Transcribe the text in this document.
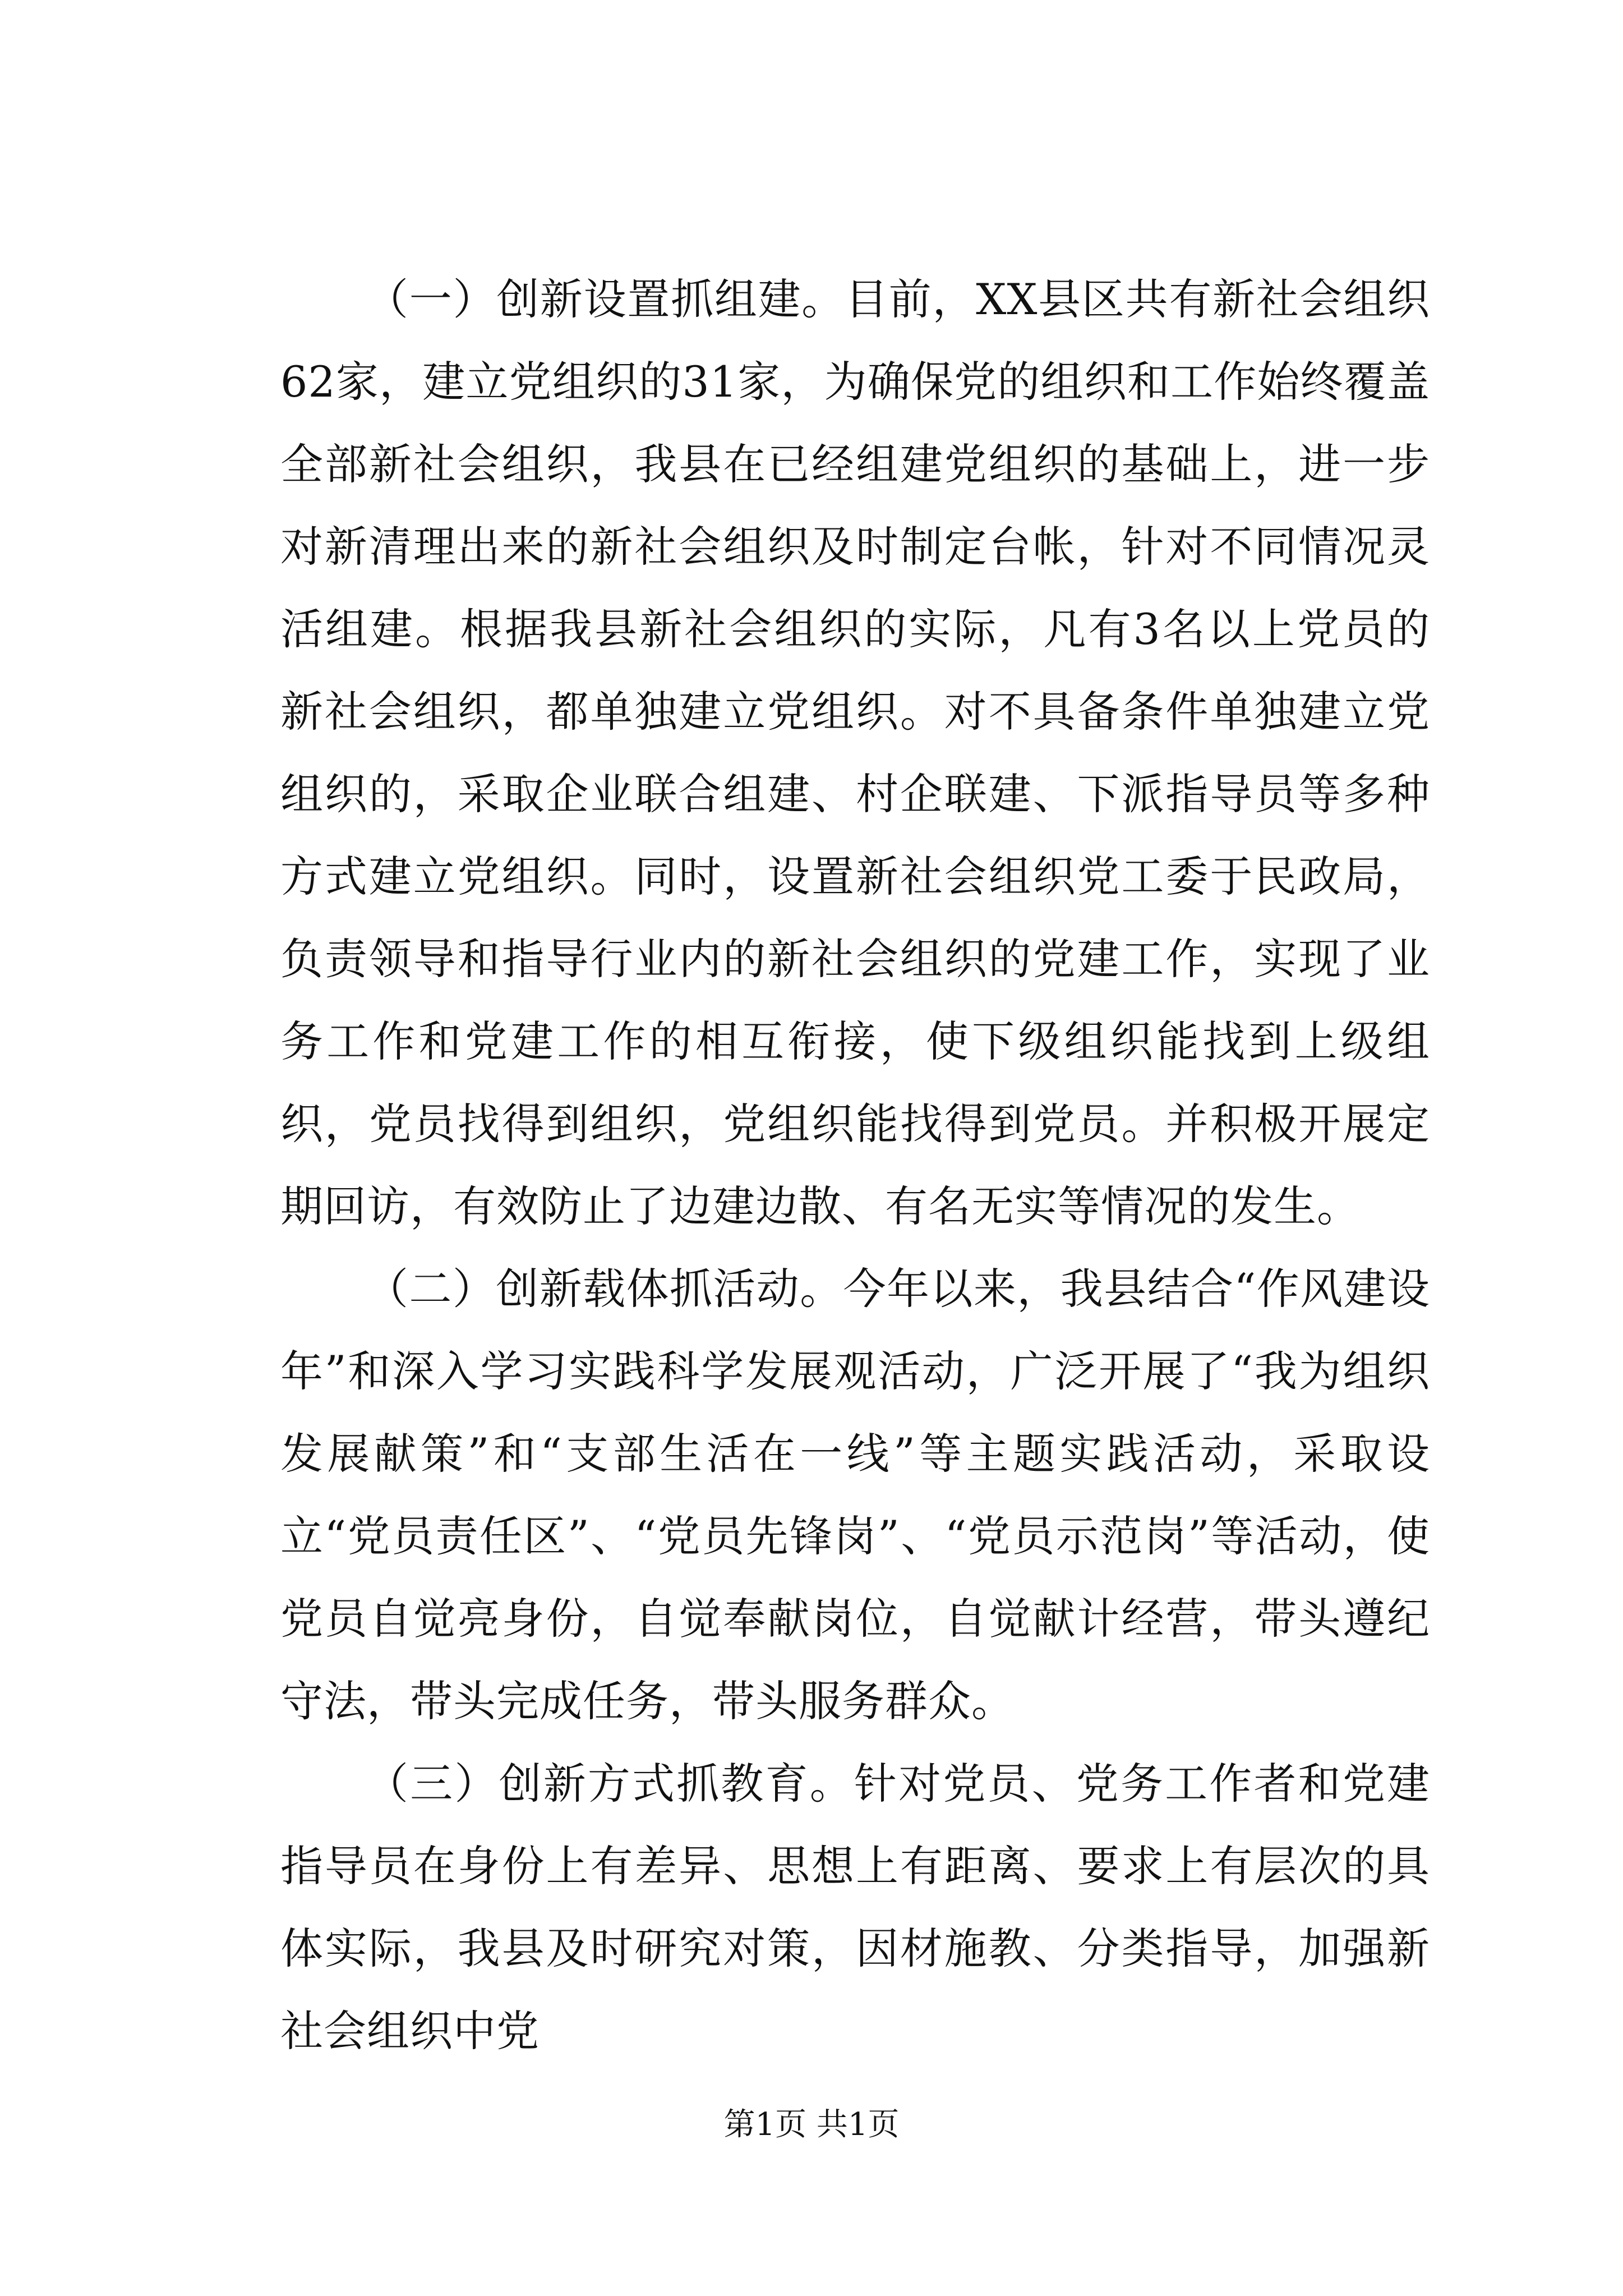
（一）创新设置抓组建。目前，XX县区共有新社会组织62家，建立党组织的31家，为确保党的组织和工作始终覆盖全部新社会组织，我县在已经组建党组织的基础上，进一步对新清理出来的新社会组织及时制定台帐，针对不同情况灵活组建。根据我县新社会组织的实际，凡有3名以上党员的新社会组织，都单独建立党组织。对不具备条件单独建立党组织的，采取企业联合组建、村企联建、下派指导员等多种方式建立党组织。同时，设置新社会组织党工委于民政局，负责领导和指导行业内的新社会组织的党建工作，实现了业务工作和党建工作的相互衔接，使下级组织能找到上级组织，党员找得到组织，党组织能找得到党员。并积极开展定期回访，有效防止了边建边散、有名无实等情况的发生。

（二）创新载体抓活动。今年以来，我县结合“作风建设年”和深入学习实践科学发展观活动，广泛开展了“我为组织发展献策”和“支部生活在一线”等主题实践活动，采取设立“党员责任区”、“党员先锋岗”、“党员示范岗”等活动，使党员自觉亮身份，自觉奉献岗位，自觉献计经营，带头遵纪守法，带头完成任务，带头服务群众。

（三）创新方式抓教育。针对党员、党务工作者和党建指导员在身份上有差异、思想上有距离、要求上有层次的具体实际，我县及时研究对策，因材施教、分类指导，加强新社会组织中党

第1页 共1页
